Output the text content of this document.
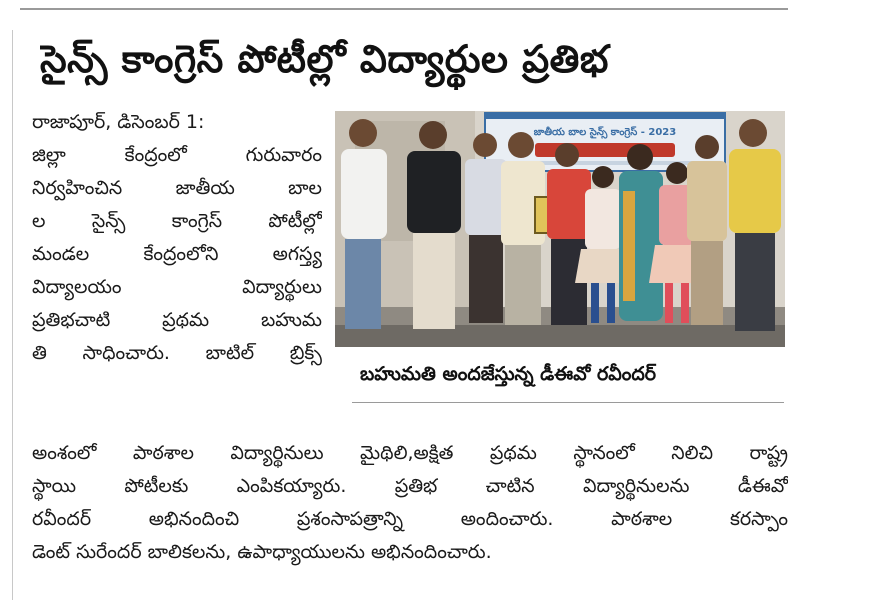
సైన్స్ కాంగ్రెస్ పోటీల్లో విద్యార్థుల ప్రతిభ
రాజాపూర్, డిసెంబర్ 1:
జిల్లా కేంద్రంలో గురువారం
నిర్వహించిన జాతీయ బాల
ల సైన్స్ కాంగ్రెస్ పోటీల్లో
మండల కేంద్రంలోని అగస్త్య
విద్యాలయం విద్యార్థులు
ప్రతిభచాటి ప్రథమ బహుమ
తి సాధించారు. బాటిల్ బ్రిక్స్
జాతీయ బాల సైన్స్ కాంగ్రెస్ - 2023
బహుమతి అందజేస్తున్న డీఈవో రవీందర్
అంశంలో పాఠశాల విద్యార్థినులు మైథిలి,అక్షిత ప్రథమ స్థానంలో నిలిచి రాష్ట్ర
స్థాయి పోటీలకు ఎంపికయ్యారు. ప్రతిభ చాటిన విద్యార్థినులను డీఈవో
రవీందర్ అభినందించి ప్రశంసాపత్రాన్ని అందించారు. పాఠశాల కరస్పాం
డెంట్ సురేందర్ బాలికలను, ఉపాధ్యాయులను అభినందించారు.
